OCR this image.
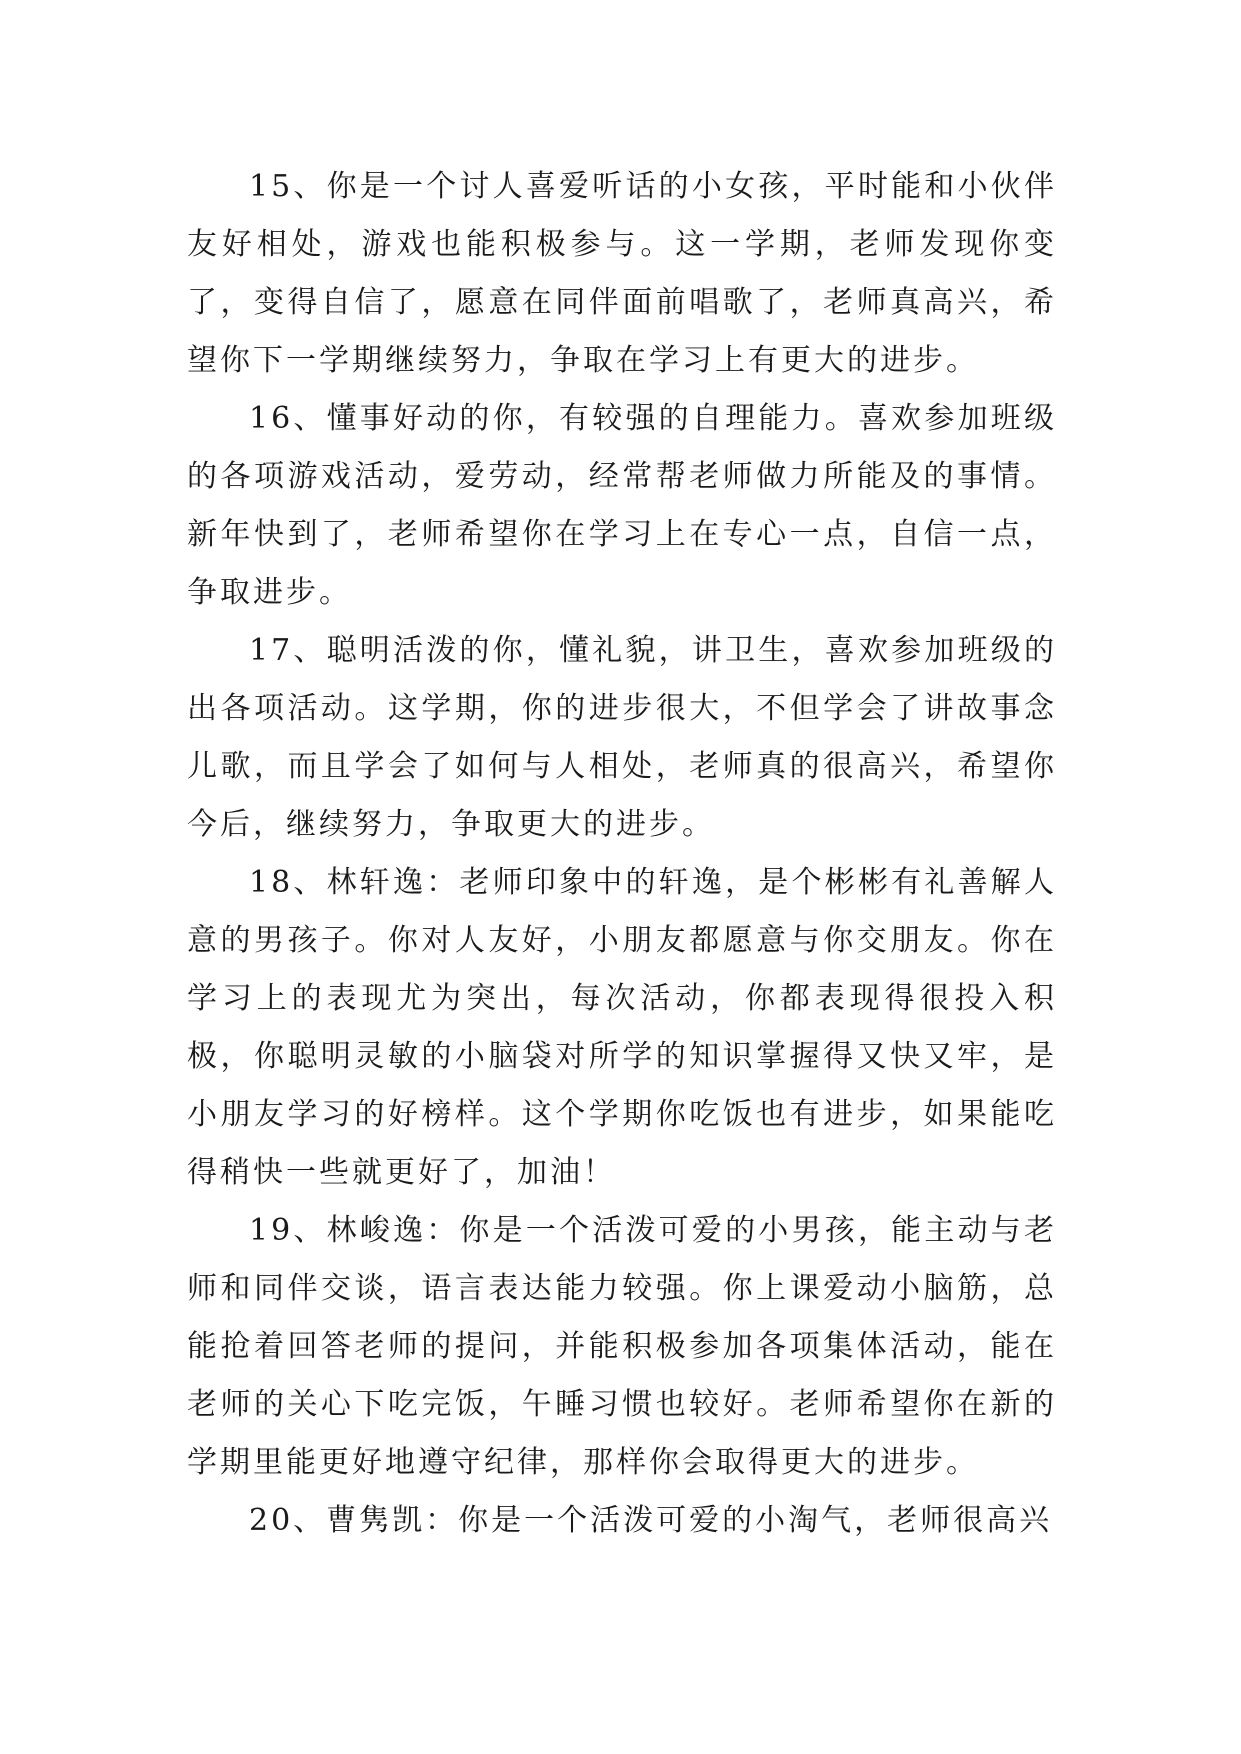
15、你是一个讨人喜爱听话的小女孩，平时能和小伙伴友好相处，游戏也能积极参与。这一学期，老师发现你变了，变得自信了，愿意在同伴面前唱歌了，老师真高兴，希望你下一学期继续努力，争取在学习上有更大的进步。

16、懂事好动的你，有较强的自理能力。喜欢参加班级的各项游戏活动，爱劳动，经常帮老师做力所能及的事情。新年快到了，老师希望你在学习上在专心一点，自信一点，争取进步。

17、聪明活泼的你，懂礼貌，讲卫生，喜欢参加班级的出各项活动。这学期，你的进步很大，不但学会了讲故事念儿歌，而且学会了如何与人相处，老师真的很高兴，希望你今后，继续努力，争取更大的进步。

18、林轩逸：老师印象中的轩逸，是个彬彬有礼善解人意的男孩子。你对人友好，小朋友都愿意与你交朋友。你在学习上的表现尤为突出，每次活动，你都表现得很投入积极，你聪明灵敏的小脑袋对所学的知识掌握得又快又牢，是小朋友学习的好榜样。这个学期你吃饭也有进步，如果能吃得稍快一些就更好了，加油！

19、林峻逸：你是一个活泼可爱的小男孩，能主动与老师和同伴交谈，语言表达能力较强。你上课爱动小脑筋，总能抢着回答老师的提问，并能积极参加各项集体活动，能在老师的关心下吃完饭，午睡习惯也较好。老师希望你在新的学期里能更好地遵守纪律，那样你会取得更大的进步。

20、曹隽凯：你是一个活泼可爱的小淘气，老师很高兴
